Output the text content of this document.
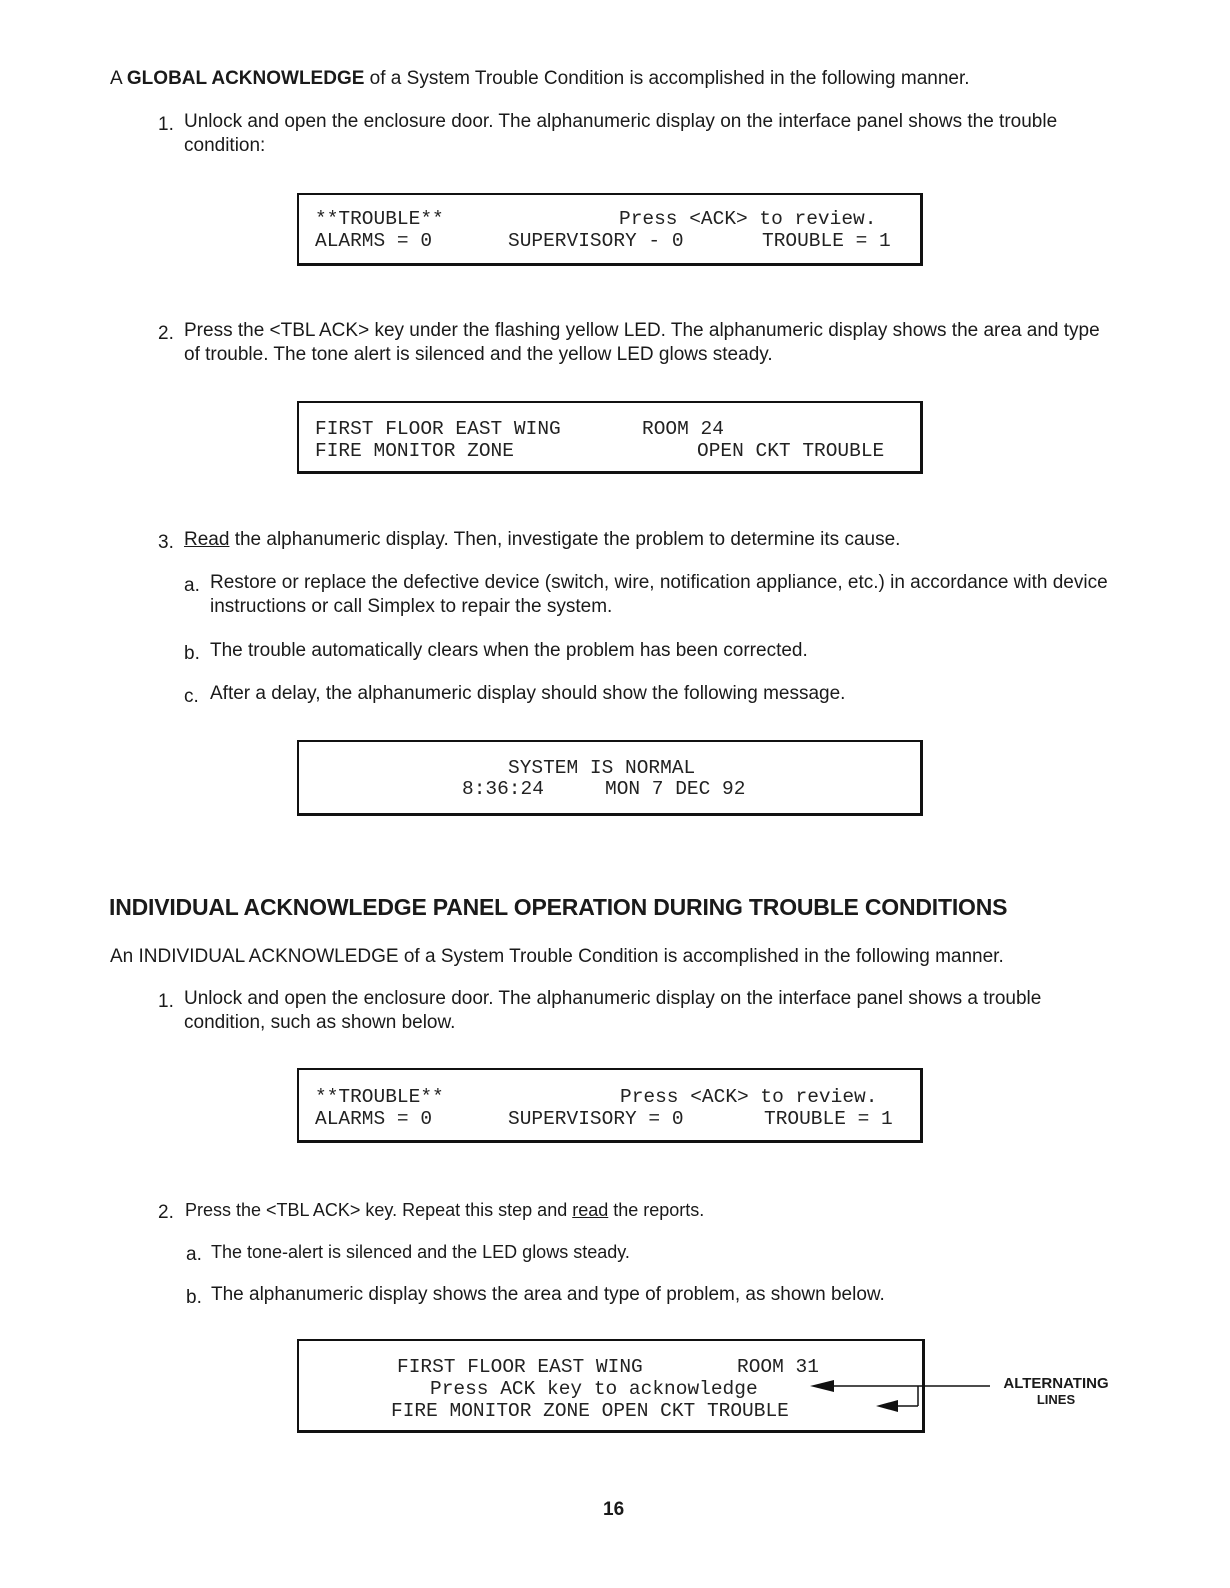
A GLOBAL ACKNOWLEDGE of a System Trouble Condition is accomplished in the following manner.
1. Unlock and open the enclosure door. The alphanumeric display on the interface panel shows the trouble condition:
**TROUBLE**	Press <ACK> to review.
ALARMS = 0	SUPERVISORY - 0	TROUBLE = 1
2. Press the <TBL ACK> key under the flashing yellow LED. The alphanumeric display shows the area and type of trouble. The tone alert is silenced and the yellow LED glows steady.
FIRST FLOOR EAST WING	ROOM 24
FIRE MONITOR ZONE	OPEN CKT TROUBLE
3. Read the alphanumeric display. Then, investigate the problem to determine its cause.
a. Restore or replace the defective device (switch, wire, notification appliance, etc.) in accordance with device instructions or call Simplex to repair the system.
b. The trouble automatically clears when the problem has been corrected.
c. After a delay, the alphanumeric display should show the following message.
SYSTEM IS NORMAL
8:36:24	MON 7 DEC 92
INDIVIDUAL ACKNOWLEDGE PANEL OPERATION DURING TROUBLE CONDITIONS
An INDIVIDUAL ACKNOWLEDGE of a System Trouble Condition is accomplished in the following manner.
1. Unlock and open the enclosure door. The alphanumeric display on the interface panel shows a trouble condition, such as shown below.
**TROUBLE**	Press <ACK> to review.
ALARMS = 0	SUPERVISORY = 0	TROUBLE = 1
2. Press the <TBL ACK> key. Repeat this step and read the reports.
a. The tone-alert is silenced and the LED glows steady.
b. The alphanumeric display shows the area and type of problem, as shown below.
FIRST FLOOR EAST WING	ROOM 31
Press ACK key to acknowledge
FIRE MONITOR ZONE OPEN CKT TROUBLE
ALTERNATING
LINES
16
